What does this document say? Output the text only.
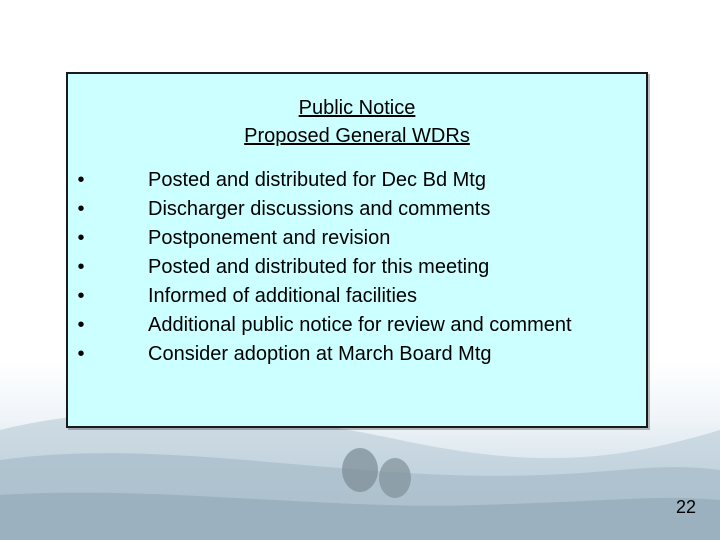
Public Notice
Proposed General WDRs
•	Posted and distributed for Dec Bd Mtg
•	Discharger discussions and comments
•	Postponement and revision
•	Posted and distributed for this meeting
•	Informed of additional facilities
•	Additional public notice for review and comment
•	Consider adoption at March Board Mtg
22
